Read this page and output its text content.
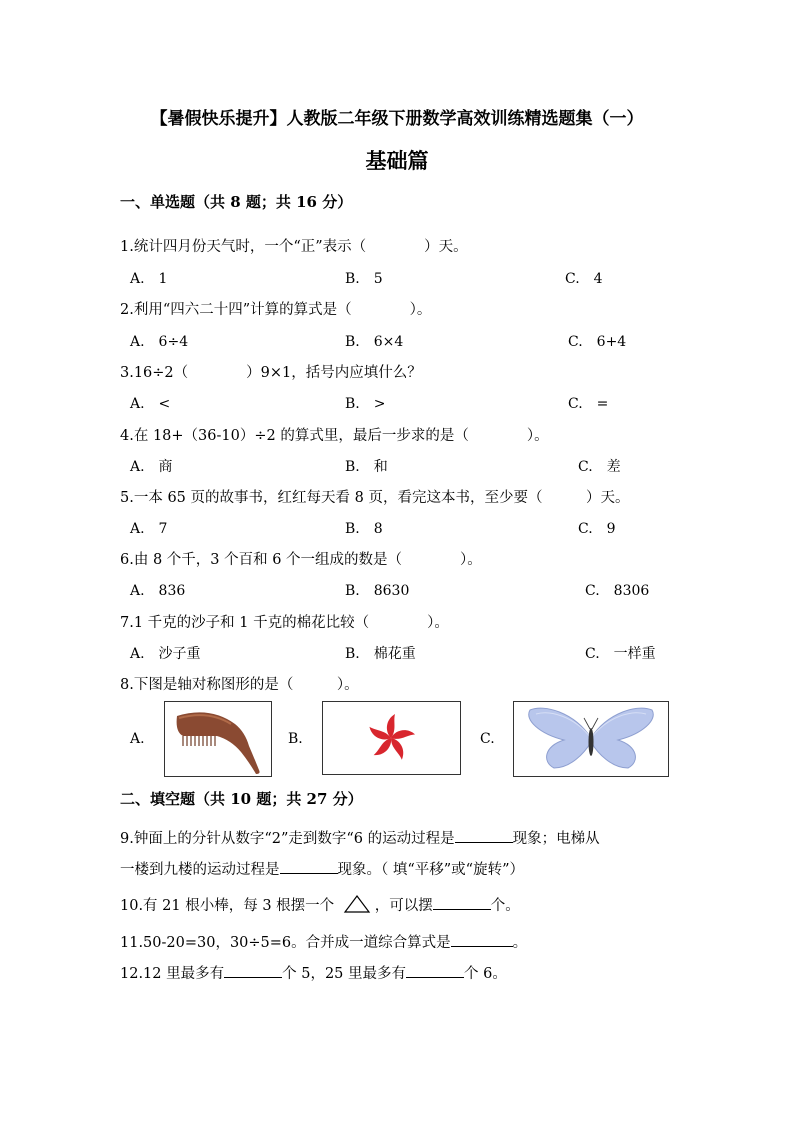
【暑假快乐提升】人教版二年级下册数学高效训练精选题集（一）
基础篇
一、单选题（共 8 题；共 16 分）
1.统计四月份天气时，一个“正”表示（　　　　）天。
A.　1	B.　5	C.　4
2.利用“四六二十四”计算的算式是（　　　　）。
A.　6÷4	B.　6×4	C.　6+4
3.16÷2（　　　　）9×1，括号内应填什么？
A.　<	B.　>	C.　=
4.在 18+（36-10）÷2 的算式里，最后一步求的是（　　　　）。
A.　商	B.　和	C.　差
5.一本 65 页的故事书，红红每天看 8 页，看完这本书，至少要（　　　）天。
A.　7	B.　8	C.　9
6.由 8 个千，3 个百和 6 个一组成的数是（　　　　）。
A.　836	B.　8630	C.　8306
7.1 千克的沙子和 1 千克的棉花比较（　　　　）。
A.　沙子重	B.　棉花重	C.　一样重
8.下图是轴对称图形的是（　　　）。
A.	B.	C.
二、填空题（共 10 题；共 27 分）
9.钟面上的分针从数字“2”走到数字“6 的运动过程是	现象；电梯从
一楼到九楼的运动过程是	现象。（ 填“平移”或“旋转”）
10.有 21 根小棒，每 3 根摆一个	，可以摆	个。
11.50-20=30，30÷5=6。合并成一道综合算式是	。
12.12 里最多有	个 5，25 里最多有	个 6。
